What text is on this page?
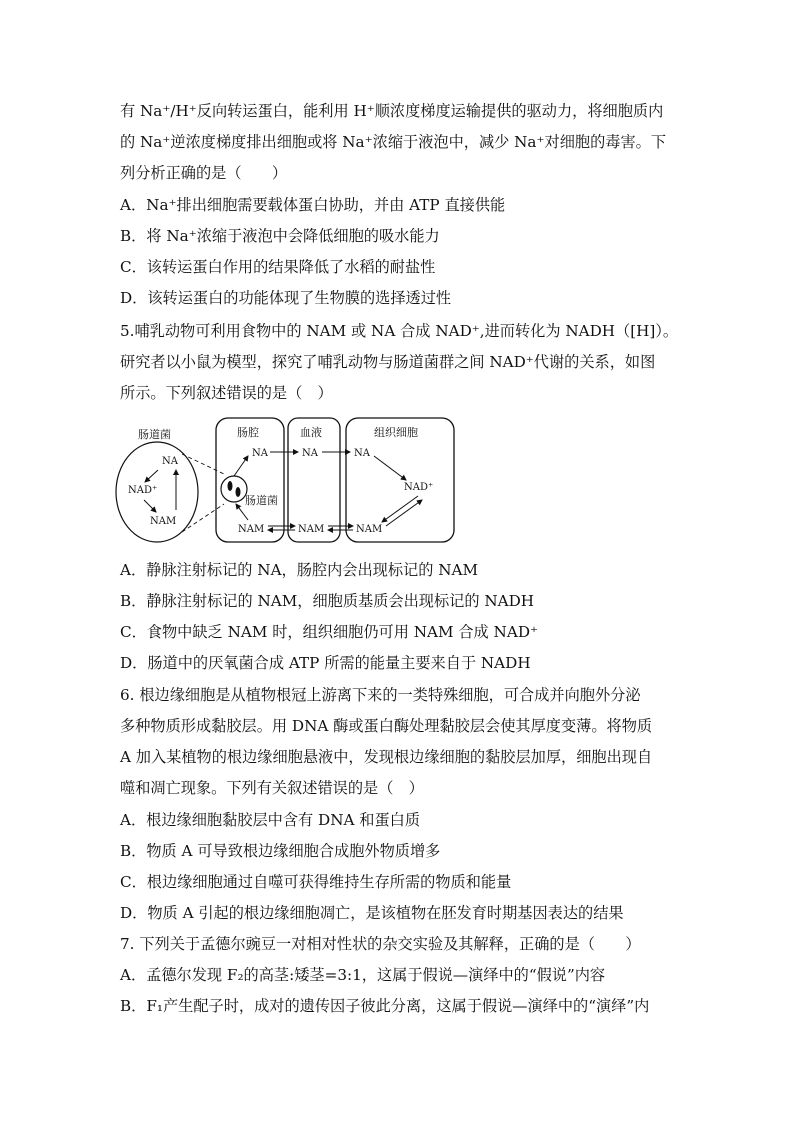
有 Na⁺/H⁺反向转运蛋白，能利用 H⁺顺浓度梯度运输提供的驱动力，将细胞质内
的 Na⁺逆浓度梯度排出细胞或将 Na⁺浓缩于液泡中，减少 Na⁺对细胞的毒害。下
列分析正确的是（　　）
A．Na⁺排出细胞需要载体蛋白协助，并由 ATP 直接供能
B．将 Na⁺浓缩于液泡中会降低细胞的吸水能力
C．该转运蛋白作用的结果降低了水稻的耐盐性
D．该转运蛋白的功能体现了生物膜的选择透过性
5.哺乳动物可利用食物中的 NAM 或 NA 合成 NAD⁺,进而转化为 NADH（[H]）。
研究者以小鼠为模型，探究了哺乳动物与肠道菌群之间 NAD⁺代谢的关系，如图
所示。下列叙述错误的是（　）
肠道菌
NA
NAD⁺
NAM
肠腔
肠道菌
NA
NAM
血液
NA
NAM
组织细胞
NA
NAD⁺
NAM
A．静脉注射标记的 NA，肠腔内会出现标记的 NAM
B．静脉注射标记的 NAM，细胞质基质会出现标记的 NADH
C．食物中缺乏 NAM 时，组织细胞仍可用 NAM 合成 NAD⁺
D．肠道中的厌氧菌合成 ATP 所需的能量主要来自于 NADH
6. 根边缘细胞是从植物根冠上游离下来的一类特殊细胞，可合成并向胞外分泌
多种物质形成黏胶层。用 DNA 酶或蛋白酶处理黏胶层会使其厚度变薄。将物质
A 加入某植物的根边缘细胞悬液中，发现根边缘细胞的黏胶层加厚，细胞出现自
噬和凋亡现象。下列有关叙述错误的是（　）
A．根边缘细胞黏胶层中含有 DNA 和蛋白质
B．物质 A 可导致根边缘细胞合成胞外物质增多
C．根边缘细胞通过自噬可获得维持生存所需的物质和能量
D．物质 A 引起的根边缘细胞凋亡，是该植物在胚发育时期基因表达的结果
7. 下列关于孟德尔豌豆一对相对性状的杂交实验及其解释，正确的是（　　）
A．孟德尔发现 F₂的高茎:矮茎=3:1，这属于假说—演绎中的“假说”内容
B．F₁产生配子时，成对的遗传因子彼此分离，这属于假说—演绎中的“演绎”内
